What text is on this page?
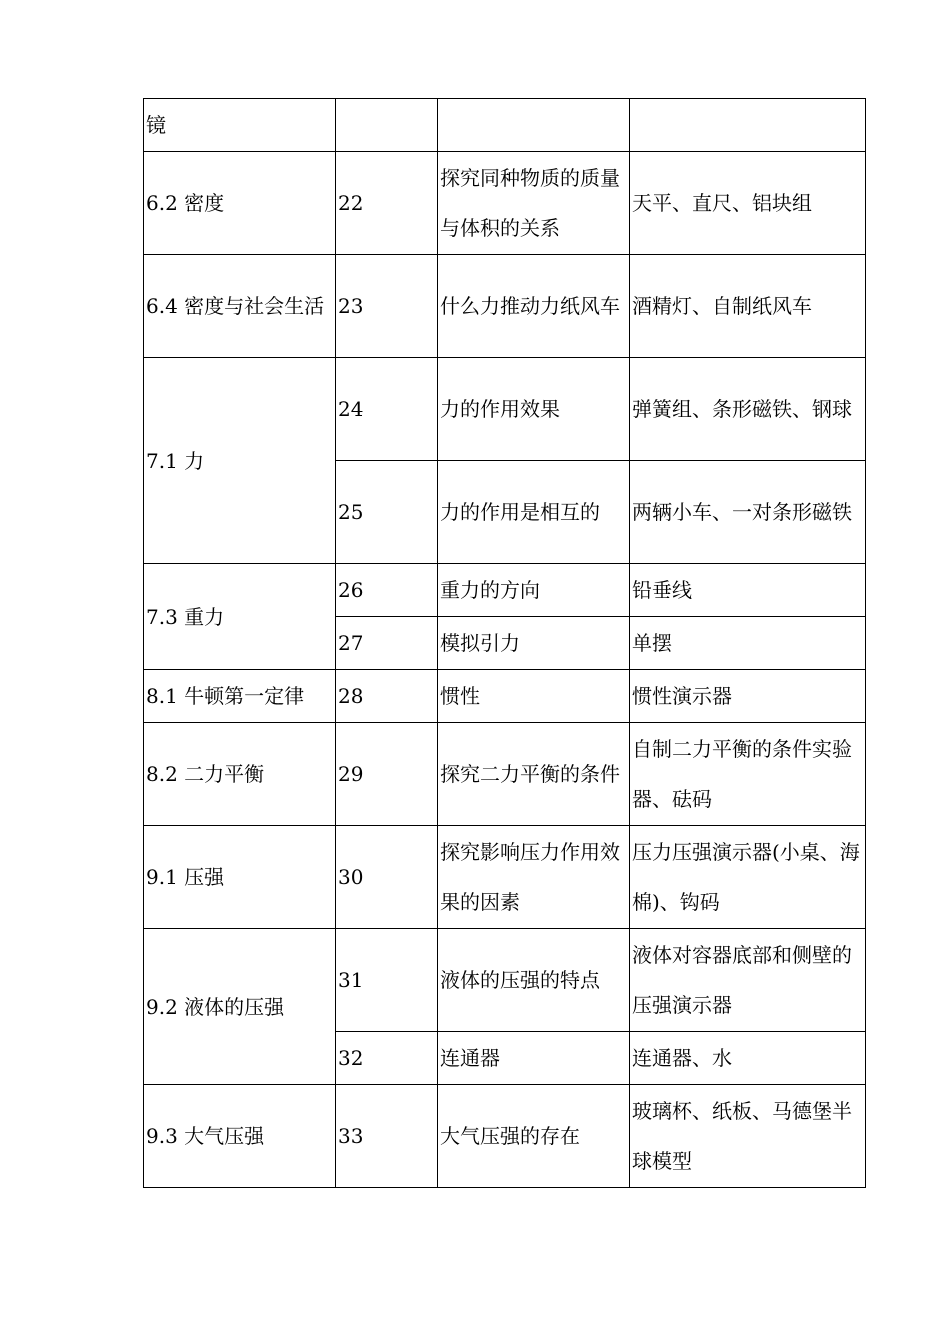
镜			
6.2 密度	22	探究同种物质的质量与体积的关系	天平、直尺、铝块组
6.4 密度与社会生活	23	什么力推动力纸风车	酒精灯、自制纸风车
7.1 力	24	力的作用效果	弹簧组、条形磁铁、钢球
	25	力的作用是相互的	两辆小车、一对条形磁铁
7.3 重力	26	重力的方向	铅垂线
	27	模拟引力	单摆
8.1 牛顿第一定律	28	惯性	惯性演示器
8.2 二力平衡	29	探究二力平衡的条件	自制二力平衡的条件实验器、砝码
9.1 压强	30	探究影响压力作用效果的因素	压力压强演示器(小桌、海棉)、钩码
9.2 液体的压强	31	液体的压强的特点	液体对容器底部和侧壁的压强演示器
	32	连通器	连通器、水
9.3 大气压强	33	大气压强的存在	玻璃杯、纸板、马德堡半球模型
